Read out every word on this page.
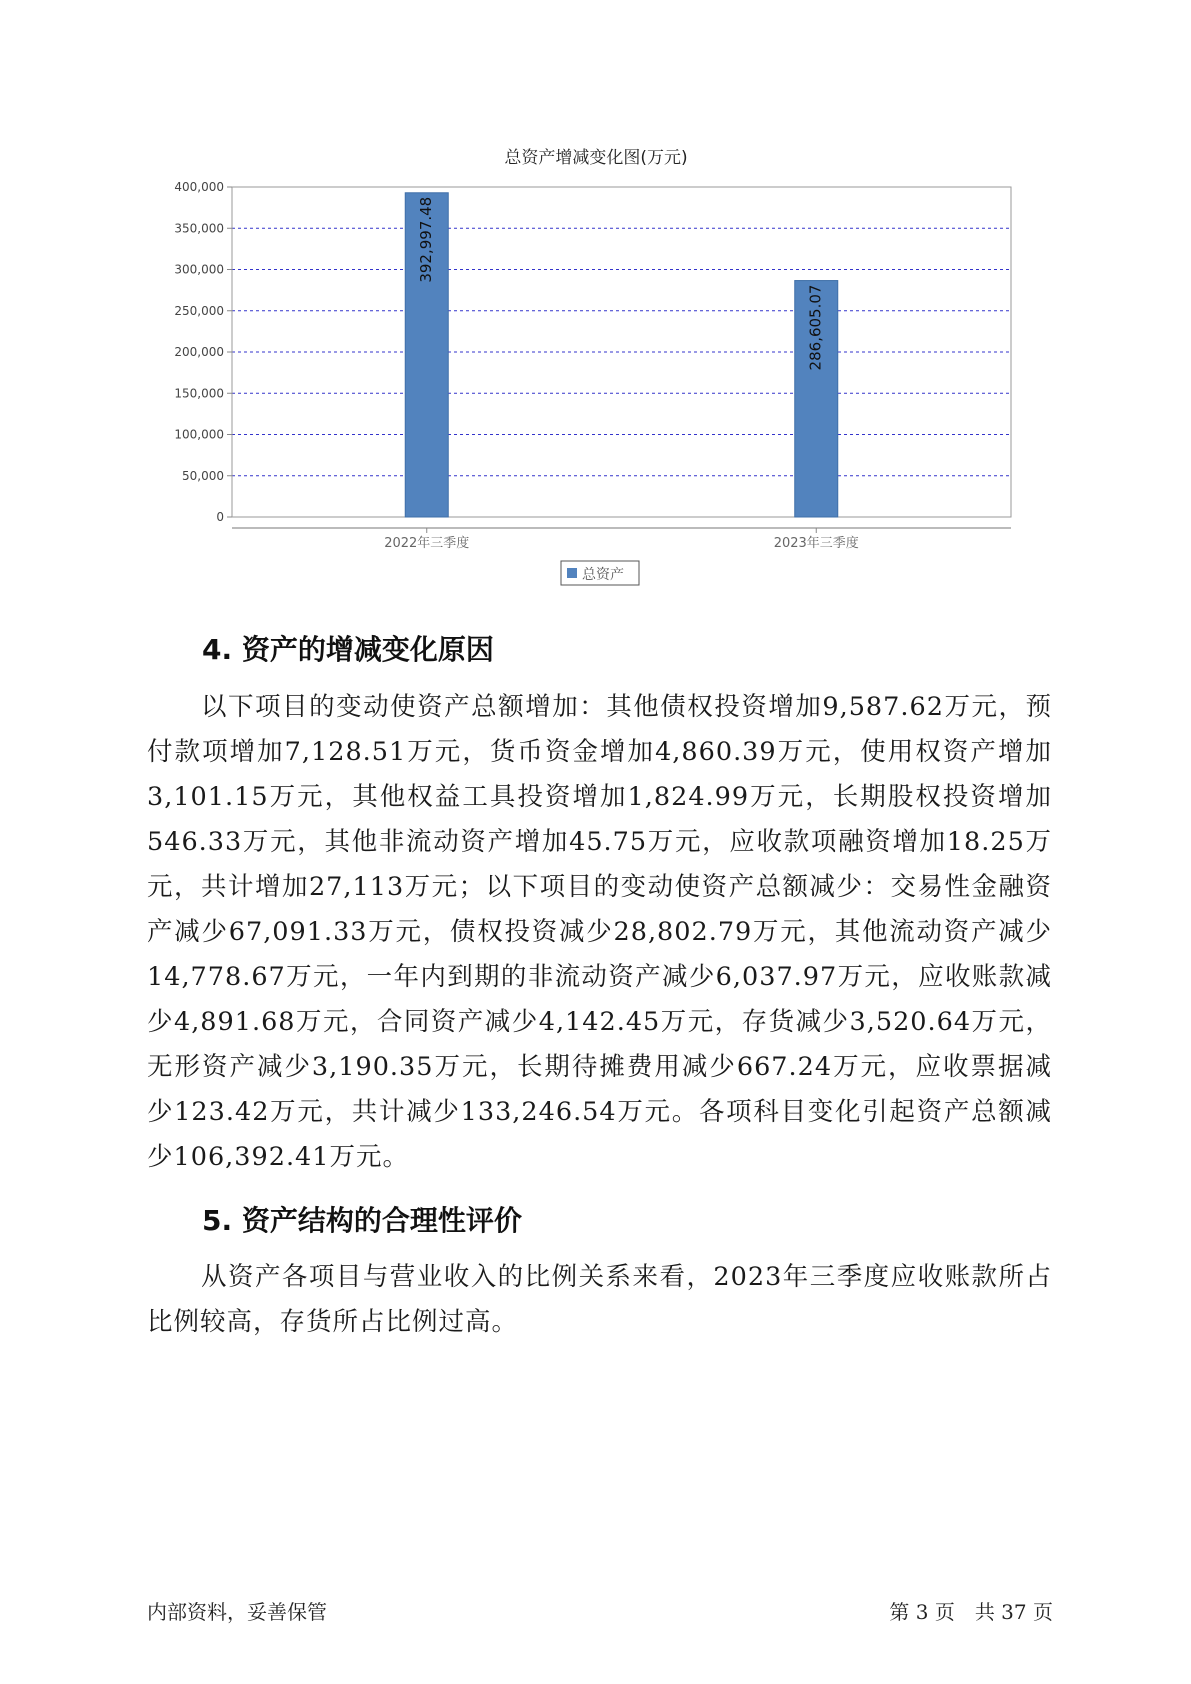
总资产增减变化图(万元)
0
50,000
100,000
150,000
200,000
250,000
300,000
350,000
400,000
2022年三季度	2023年三季度
392,997.48
286,605.07
总资产
4. 资产的增减变化原因

以下项目的变动使资产总额增加：其他债权投资增加9,587.62万元，预付款项增加7,128.51万元，货币资金增加4,860.39万元，使用权资产增加3,101.15万元，其他权益工具投资增加1,824.99万元，长期股权投资增加546.33万元，其他非流动资产增加45.75万元，应收款项融资增加18.25万元，共计增加27,113万元；以下项目的变动使资产总额减少：交易性金融资产减少67,091.33万元，债权投资减少28,802.79万元，其他流动资产减少14,778.67万元，一年内到期的非流动资产减少6,037.97万元，应收账款减少4,891.68万元，合同资产减少4,142.45万元，存货减少3,520.64万元，无形资产减少3,190.35万元，长期待摊费用减少667.24万元，应收票据减少123.42万元，共计减少133,246.54万元。各项科目变化引起资产总额减少106,392.41万元。

5. 资产结构的合理性评价

从资产各项目与营业收入的比例关系来看，2023年三季度应收账款所占比例较高，存货所占比例过高。

内部资料，妥善保管	第 3 页　共 37 页
